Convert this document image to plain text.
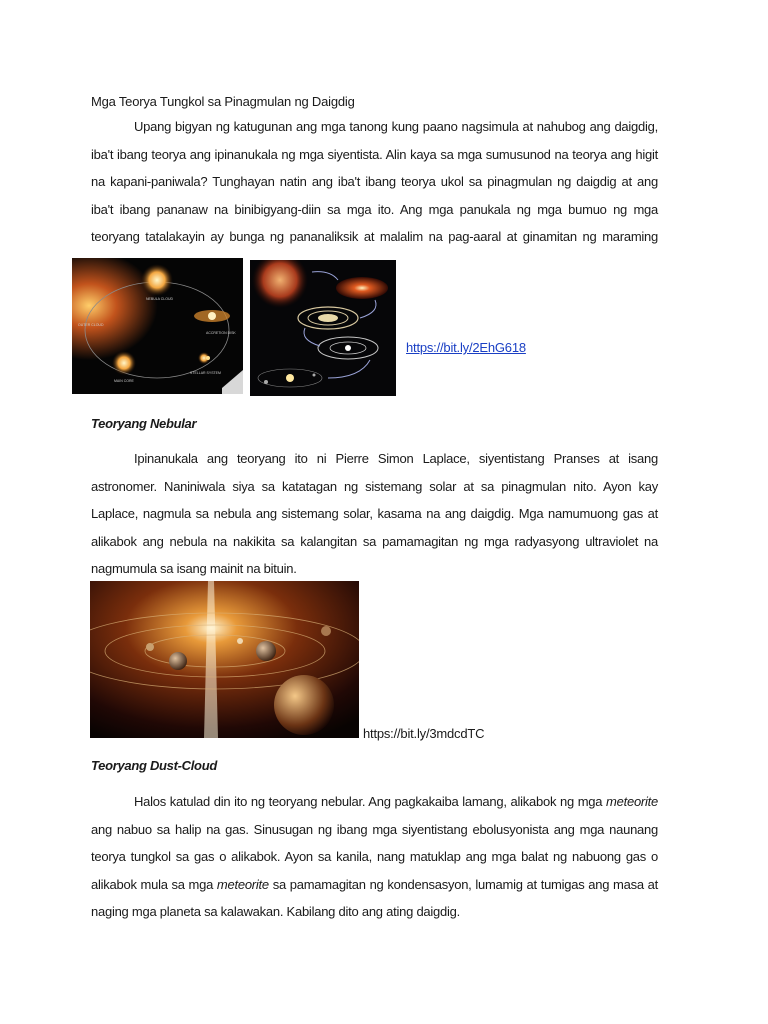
Mga Teorya Tungkol sa Pinagmulan ng Daigdig
Upang bigyan ng katugunan ang mga tanong kung paano nagsimula at nahubog ang daigdig, iba't ibang teorya ang ipinanukala ng mga siyentista. Alin kaya sa mga sumusunod na teorya ang higit na kapani-paniwala? Tunghayan natin ang iba't ibang teorya ukol sa pinagmulan ng daigdig at ang iba't ibang pananaw na binibigyang-diin sa mga ito. Ang mga panukala ng mga bumuo ng mga teoryang tatalakayin ay bunga ng pananaliksik at malalim na pag-aaral at ginamitan ng maraming
NEBULA CLOUD
OUTER CLOUD
ACCRETION DISK
STELLAR SYSTEM
MAIN CORE
https://bit.ly/2EhG618
Teoryang Nebular
Ipinanukala ang teoryang ito ni Pierre Simon Laplace, siyentistang Pranses at isang astronomer. Naniniwala siya sa katatagan ng sistemang solar at sa pinagmulan nito. Ayon kay Laplace, nagmula sa nebula ang sistemang solar, kasama na ang daigdig. Mga namumuong gas at alikabok ang nebula na nakikita sa kalangitan sa pamamagitan ng mga radyasyong ultraviolet na nagmumula sa isang mainit na bituin.
https://bit.ly/3mdcdTC
Teoryang Dust-Cloud
Halos katulad din ito ng teoryang nebular. Ang pagkakaiba lamang, alikabok ng mga meteorite ang nabuo sa halip na gas. Sinusugan ng ibang mga siyentistang ebolusyonista ang mga naunang teorya tungkol sa gas o alikabok. Ayon sa kanila, nang matuklap ang mga balat ng nabuong gas o alikabok mula sa mga meteorite sa pamamagitan ng kondensasyon, lumamig at tumigas ang masa at naging mga planeta sa kalawakan. Kabilang dito ang ating daigdig.
